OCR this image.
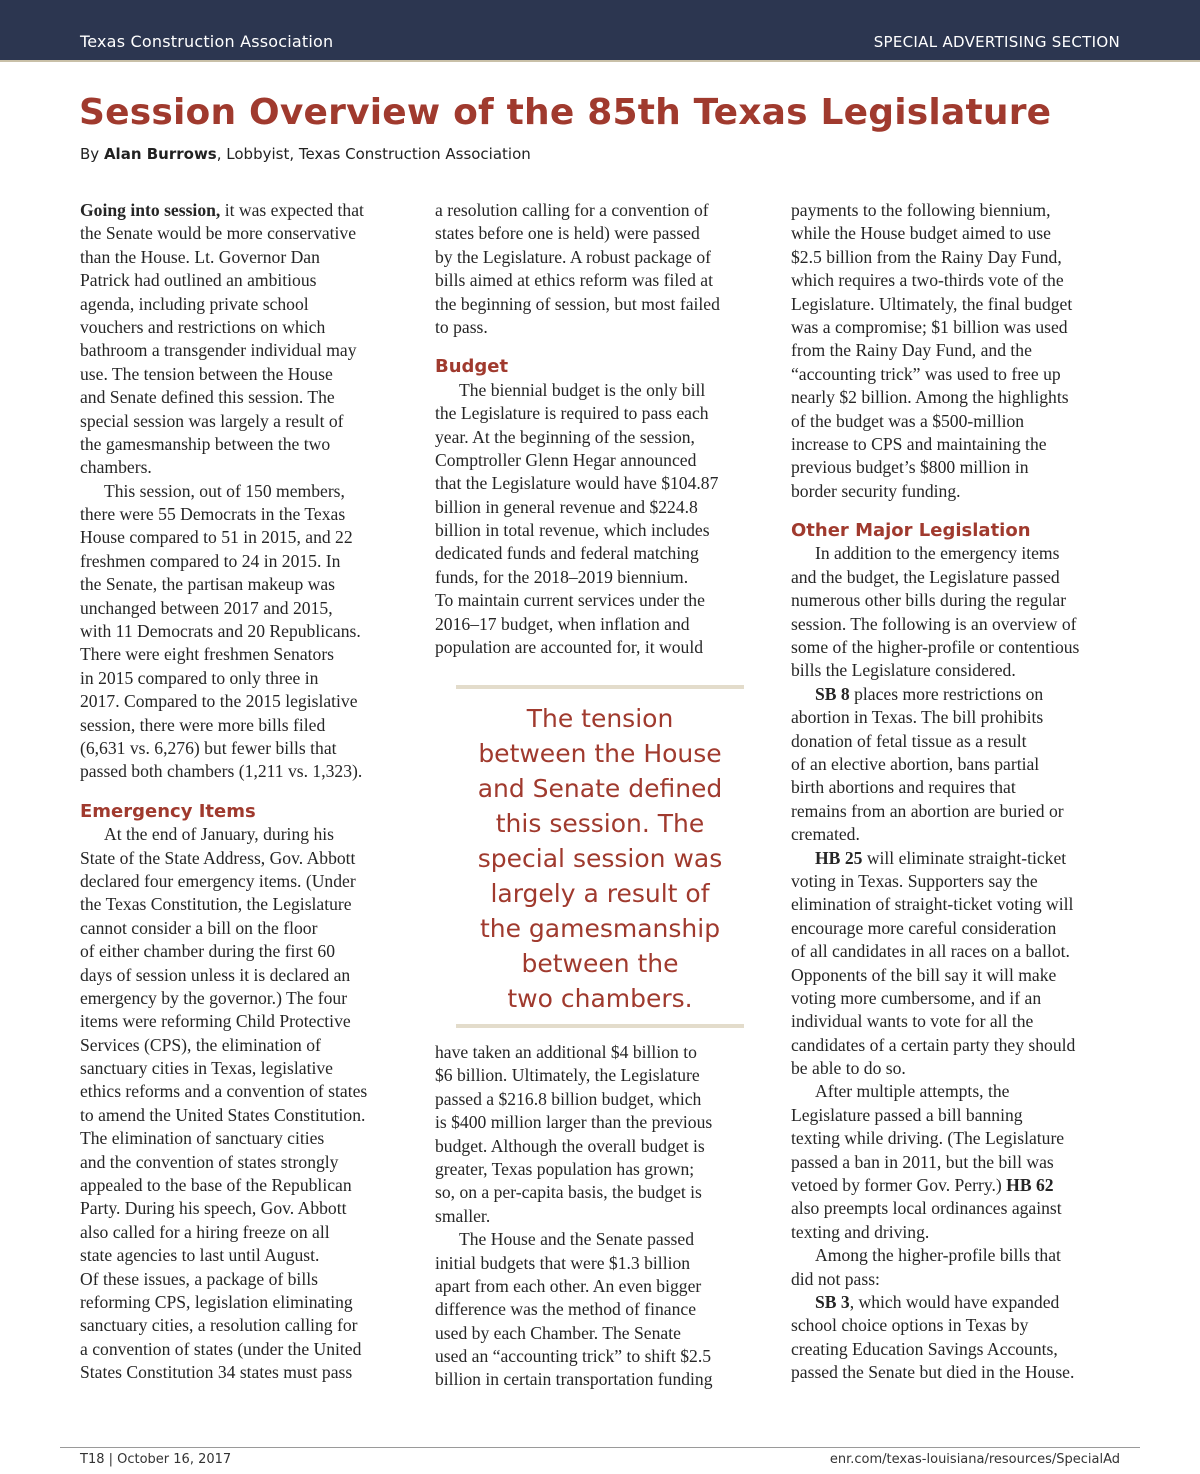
Texas Construction Association	SPECIAL ADVERTISING SECTION
Session Overview of the 85th Texas Legislature
By Alan Burrows, Lobbyist, Texas Construction Association
Going into session, it was expected that
the Senate would be more conservative
than the House. Lt. Governor Dan
Patrick had outlined an ambitious
agenda, including private school
vouchers and restrictions on which
bathroom a transgender individual may
use. The tension between the House
and Senate defined this session. The
special session was largely a result of
the gamesmanship between the two
chambers.
This session, out of 150 members,
there were 55 Democrats in the Texas
House compared to 51 in 2015, and 22
freshmen compared to 24 in 2015. In
the Senate, the partisan makeup was
unchanged between 2017 and 2015,
with 11 Democrats and 20 Republicans.
There were eight freshmen Senators
in 2015 compared to only three in
2017. Compared to the 2015 legislative
session, there were more bills filed
(6,631 vs. 6,276) but fewer bills that
passed both chambers (1,211 vs. 1,323).
Emergency Items
At the end of January, during his
State of the State Address, Gov. Abbott
declared four emergency items. (Under
the Texas Constitution, the Legislature
cannot consider a bill on the floor
of either chamber during the first 60
days of session unless it is declared an
emergency by the governor.) The four
items were reforming Child Protective
Services (CPS), the elimination of
sanctuary cities in Texas, legislative
ethics reforms and a convention of states
to amend the United States Constitution.
The elimination of sanctuary cities
and the convention of states strongly
appealed to the base of the Republican
Party. During his speech, Gov. Abbott
also called for a hiring freeze on all
state agencies to last until August.
Of these issues, a package of bills
reforming CPS, legislation eliminating
sanctuary cities, a resolution calling for
a convention of states (under the United
States Constitution 34 states must pass
a resolution calling for a convention of
states before one is held) were passed
by the Legislature. A robust package of
bills aimed at ethics reform was filed at
the beginning of session, but most failed
to pass.
Budget
The biennial budget is the only bill
the Legislature is required to pass each
year. At the beginning of the session,
Comptroller Glenn Hegar announced
that the Legislature would have $104.87
billion in general revenue and $224.8
billion in total revenue, which includes
dedicated funds and federal matching
funds, for the 2018–2019 biennium.
To maintain current services under the
2016–17 budget, when inflation and
population are accounted for, it would
have taken an additional $4 billion to
$6 billion. Ultimately, the Legislature
passed a $216.8 billion budget, which
is $400 million larger than the previous
budget. Although the overall budget is
greater, Texas population has grown;
so, on a per-capita basis, the budget is
smaller.
The House and the Senate passed
initial budgets that were $1.3 billion
apart from each other. An even bigger
difference was the method of finance
used by each Chamber. The Senate
used an “accounting trick” to shift $2.5
billion in certain transportation funding
The tension
between the House
and Senate defined
this session. The
special session was
largely a result of
the gamesmanship
between the
two chambers.
payments to the following biennium,
while the House budget aimed to use
$2.5 billion from the Rainy Day Fund,
which requires a two-thirds vote of the
Legislature. Ultimately, the final budget
was a compromise; $1 billion was used
from the Rainy Day Fund, and the
“accounting trick” was used to free up
nearly $2 billion. Among the highlights
of the budget was a $500-million
increase to CPS and maintaining the
previous budget’s $800 million in
border security funding.
Other Major Legislation
In addition to the emergency items
and the budget, the Legislature passed
numerous other bills during the regular
session. The following is an overview of
some of the higher-profile or contentious
bills the Legislature considered.
SB 8 places more restrictions on
abortion in Texas. The bill prohibits
donation of fetal tissue as a result
of an elective abortion, bans partial
birth abortions and requires that
remains from an abortion are buried or
cremated.
HB 25 will eliminate straight-ticket
voting in Texas. Supporters say the
elimination of straight-ticket voting will
encourage more careful consideration
of all candidates in all races on a ballot.
Opponents of the bill say it will make
voting more cumbersome, and if an
individual wants to vote for all the
candidates of a certain party they should
be able to do so.
After multiple attempts, the
Legislature passed a bill banning
texting while driving. (The Legislature
passed a ban in 2011, but the bill was
vetoed by former Gov. Perry.) HB 62
also preempts local ordinances against
texting and driving.
Among the higher-profile bills that
did not pass:
SB 3, which would have expanded
school choice options in Texas by
creating Education Savings Accounts,
passed the Senate but died in the House.
T18 | October 16, 2017	enr.com/texas-louisiana/resources/SpecialAd
